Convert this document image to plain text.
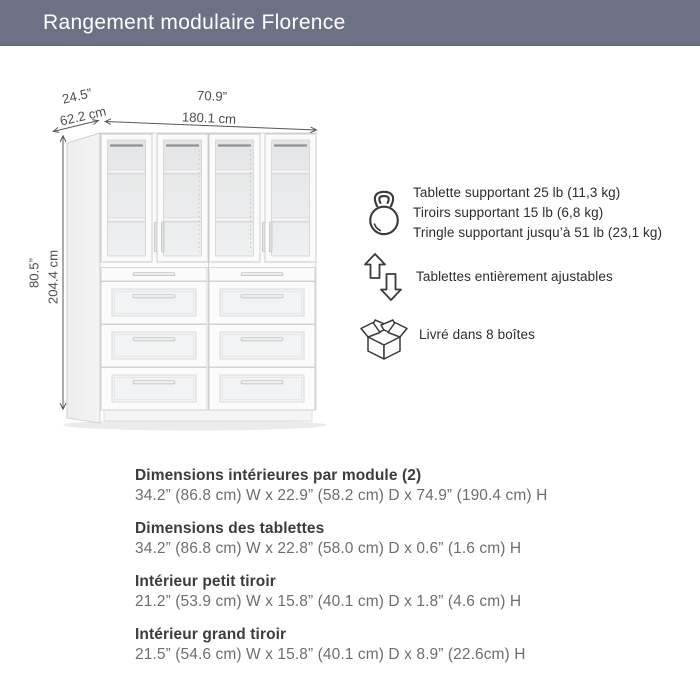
Rangement modulaire Florence
24.5”
62.2 cm
70.9”
180.1 cm
80.5” 204.4 cm
Tablette supportant 25 lb (11,3 kg)
Tiroirs supportant 15 lb (6,8 kg)
Tringle supportant jusqu’à 51 lb (23,1 kg)
Tablettes entièrement ajustables
Livré dans 8 boîtes
Dimensions intérieures par module (2)
34.2” (86.8 cm) W x 22.9” (58.2 cm) D x 74.9” (190.4 cm) H
Dimensions des tablettes
34.2” (86.8 cm) W x 22.8” (58.0 cm) D x 0.6” (1.6 cm) H
Intérieur petit tiroir
21.2” (53.9 cm) W x 15.8” (40.1 cm) D x 1.8” (4.6 cm) H
Intérieur grand tiroir
21.5” (54.6 cm) W x 15.8” (40.1 cm) D x 8.9” (22.6cm) H
